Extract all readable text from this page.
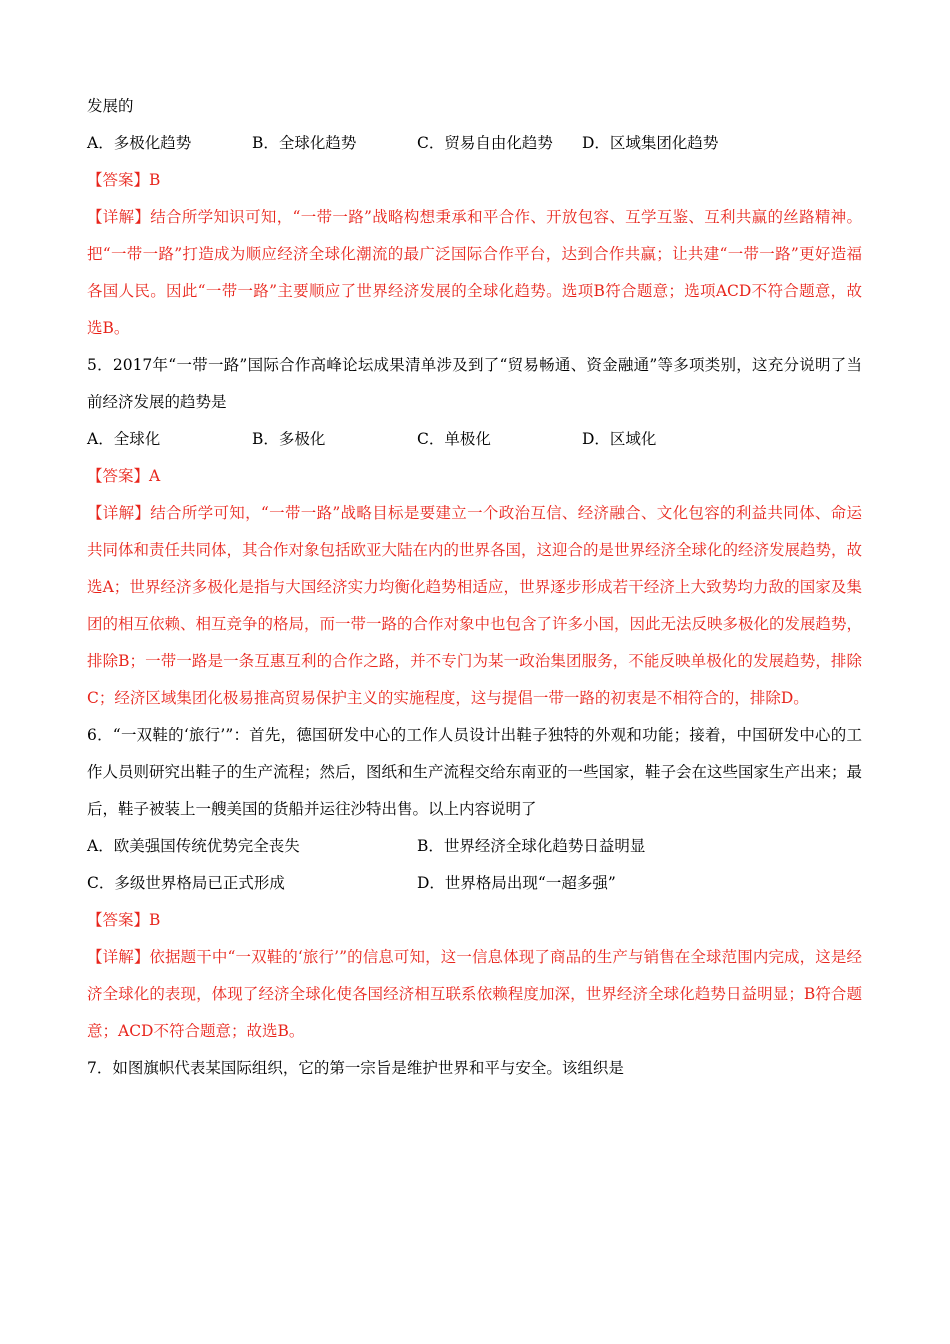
发展的
A．多极化趋势	B．全球化趋势	C．贸易自由化趋势	D．区域集团化趋势
【答案】B
【详解】结合所学知识可知，“一带一路”战略构想秉承和平合作、开放包容、互学互鉴、互利共赢的丝路精神。把“一带一路”打造成为顺应经济全球化潮流的最广泛国际合作平台，达到合作共赢；让共建“一带一路”更好造福各国人民。因此“一带一路”主要顺应了世界经济发展的全球化趋势。选项B符合题意；选项ACD不符合题意，故选B。
5．2017年“一带一路”国际合作高峰论坛成果清单涉及到了“贸易畅通、资金融通”等多项类别，这充分说明了当前经济发展的趋势是
A．全球化	B．多极化	C．单极化	D．区域化
【答案】A
【详解】结合所学可知，“一带一路”战略目标是要建立一个政治互信、经济融合、文化包容的利益共同体、命运共同体和责任共同体，其合作对象包括欧亚大陆在内的世界各国，这迎合的是世界经济全球化的经济发展趋势，故选A；世界经济多极化是指与大国经济实力均衡化趋势相适应，世界逐步形成若干经济上大致势均力敌的国家及集团的相互依赖、相互竞争的格局，而一带一路的合作对象中也包含了许多小国，因此无法反映多极化的发展趋势，排除B；一带一路是一条互惠互利的合作之路，并不专门为某一政治集团服务，不能反映单极化的发展趋势，排除C；经济区域集团化极易推高贸易保护主义的实施程度，这与提倡一带一路的初衷是不相符合的，排除D。
6．“一双鞋的‘旅行’”：首先，德国研发中心的工作人员设计出鞋子独特的外观和功能；接着，中国研发中心的工作人员则研究出鞋子的生产流程；然后，图纸和生产流程交给东南亚的一些国家，鞋子会在这些国家生产出来；最后，鞋子被装上一艘美国的货船并运往沙特出售。以上内容说明了
A．欧美强国传统优势完全丧失	B．世界经济全球化趋势日益明显
C．多级世界格局已正式形成	D．世界格局出现“一超多强”
【答案】B
【详解】依据题干中“一双鞋的‘旅行’”的信息可知，这一信息体现了商品的生产与销售在全球范围内完成，这是经济全球化的表现，体现了经济全球化使各国经济相互联系依赖程度加深，世界经济全球化趋势日益明显；B符合题意；ACD不符合题意；故选B。
7．如图旗帜代表某国际组织，它的第一宗旨是维护世界和平与安全。该组织是
